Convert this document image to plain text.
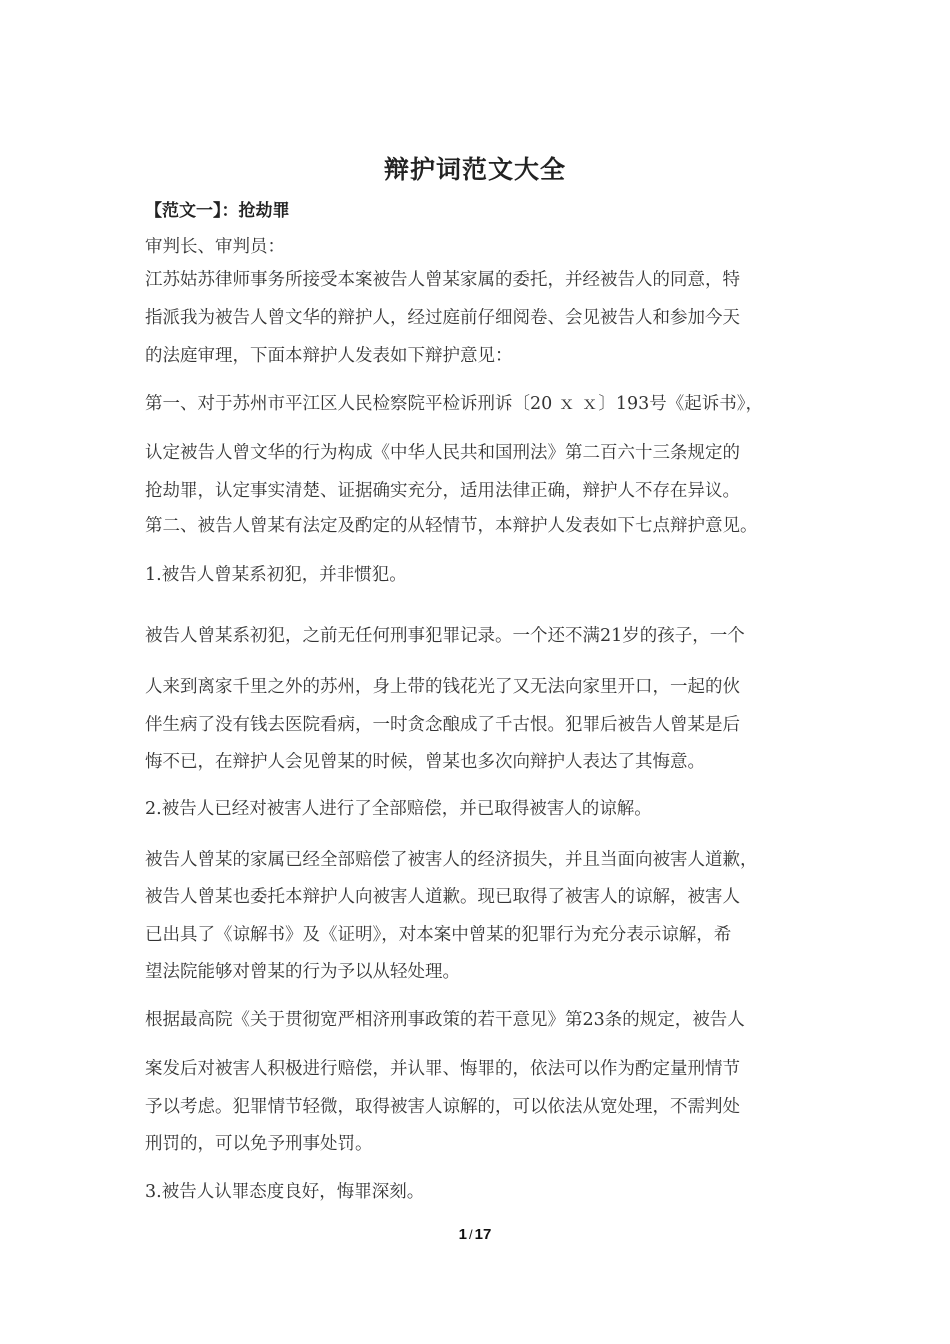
辩护词范文大全

【范文一】：抢劫罪

审判长、审判员：

江苏姑苏律师事务所接受本案被告人曾某家属的委托，并经被告人的同意，特

指派我为被告人曾文华的辩护人，经过庭前仔细阅卷、会见被告人和参加今天

的法庭审理，下面本辩护人发表如下辩护意见：

第一、对于苏州市平江区人民检察院平检诉刑诉〔20 ｘ ｘ〕193号《起诉书》，

认定被告人曾文华的行为构成《中华人民共和国刑法》第二百六十三条规定的

抢劫罪，认定事实清楚、证据确实充分，适用法律正确，辩护人不存在异议。

第二、被告人曾某有法定及酌定的从轻情节，本辩护人发表如下七点辩护意见。

1.被告人曾某系初犯，并非惯犯。

被告人曾某系初犯，之前无任何刑事犯罪记录。一个还不满21岁的孩子，一个

人来到离家千里之外的苏州，身上带的钱花光了又无法向家里开口，一起的伙

伴生病了没有钱去医院看病，一时贪念酿成了千古恨。犯罪后被告人曾某是后

悔不已，在辩护人会见曾某的时候，曾某也多次向辩护人表达了其悔意。

2.被告人已经对被害人进行了全部赔偿，并已取得被害人的谅解。

被告人曾某的家属已经全部赔偿了被害人的经济损失，并且当面向被害人道歉，

被告人曾某也委托本辩护人向被害人道歉。现已取得了被害人的谅解，被害人

已出具了《谅解书》及《证明》，对本案中曾某的犯罪行为充分表示谅解，希

望法院能够对曾某的行为予以从轻处理。

根据最高院《关于贯彻宽严相济刑事政策的若干意见》第23条的规定，被告人

案发后对被害人积极进行赔偿，并认罪、悔罪的，依法可以作为酌定量刑情节

予以考虑。犯罪情节轻微，取得被害人谅解的，可以依法从宽处理，不需判处

刑罚的，可以免予刑事处罚。

3.被告人认罪态度良好，悔罪深刻。

1 / 17
